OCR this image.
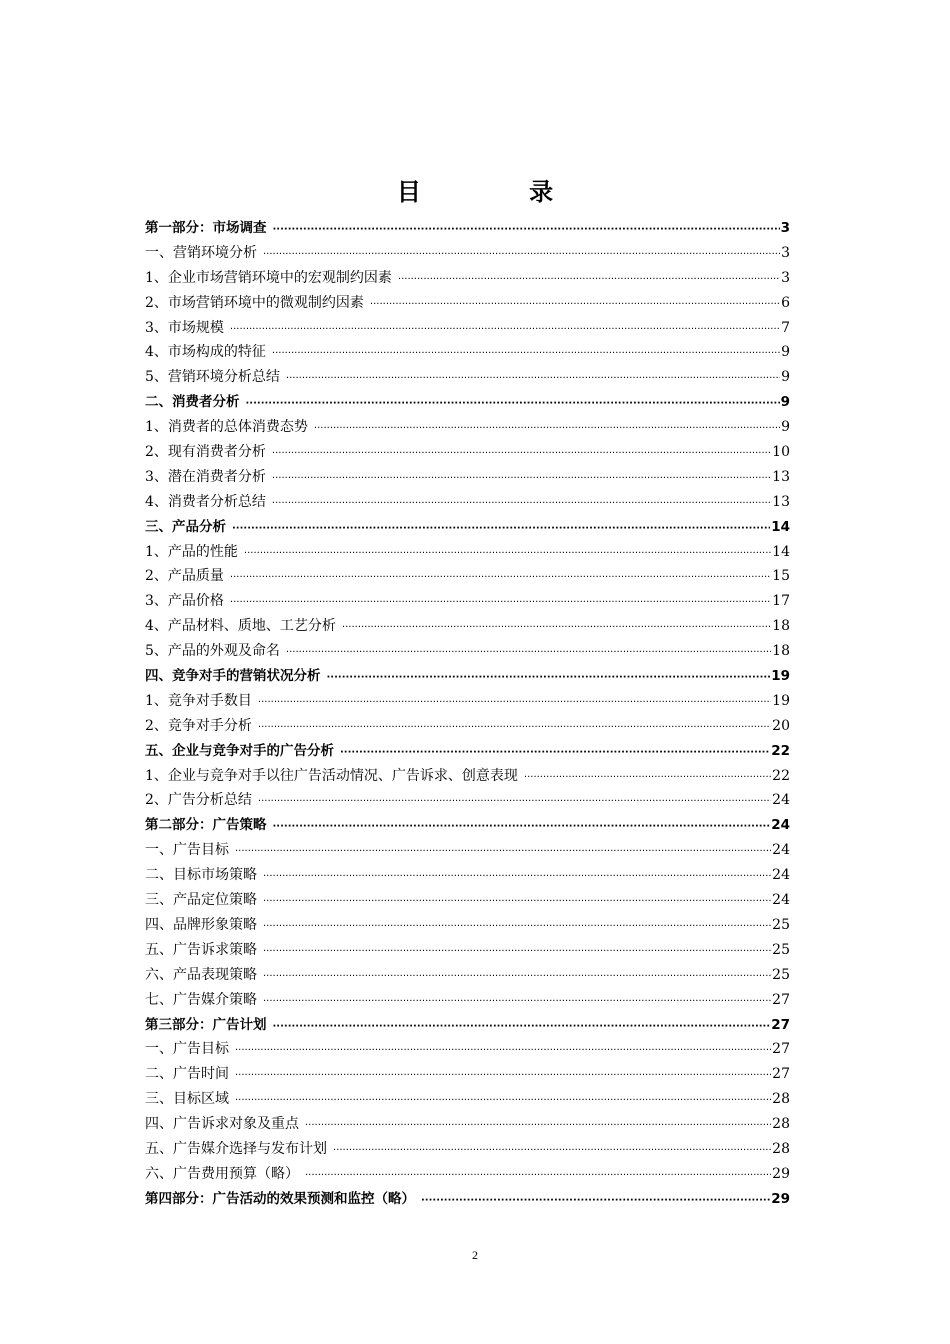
目 录
第一部分：市场调查 ·····	3
一、营销环境分析 ·····	3
1、企业市场营销环境中的宏观制约因素 ·····	3
2、市场营销环境中的微观制约因素 ·····	6
3、市场规模 ·····	7
4、市场构成的特征 ·····	9
5、营销环境分析总结 ·····	9
二、消费者分析 ·····	9
1、消费者的总体消费态势 ·····	9
2、现有消费者分析 ·····	10
3、潜在消费者分析 ·····	13
4、消费者分析总结 ·····	13
三、产品分析 ·····	14
1、产品的性能 ·····	14
2、产品质量 ·····	15
3、产品价格 ·····	17
4、产品材料、质地、工艺分析 ·····	18
5、产品的外观及命名 ·····	18
四、竞争对手的营销状况分析 ·····	19
1、竞争对手数目 ·····	19
2、竞争对手分析 ·····	20
五、企业与竞争对手的广告分析 ·····	22
1、企业与竞争对手以往广告活动情况、广告诉求、创意表现 ·····	22
2、广告分析总结 ·····	24
第二部分：广告策略 ·····	24
一、广告目标 ·····	24
二、目标市场策略 ·····	24
三、产品定位策略 ·····	24
四、品牌形象策略 ·····	25
五、广告诉求策略 ·····	25
六、产品表现策略 ·····	25
七、广告媒介策略 ·····	27
第三部分：广告计划 ·····	27
一、广告目标 ·····	27
二、广告时间 ·····	27
三、目标区域 ·····	28
四、广告诉求对象及重点 ·····	28
五、广告媒介选择与发布计划 ·····	28
六、广告费用预算（略） ·····	29
第四部分：广告活动的效果预测和监控（略） ·····	29
2
